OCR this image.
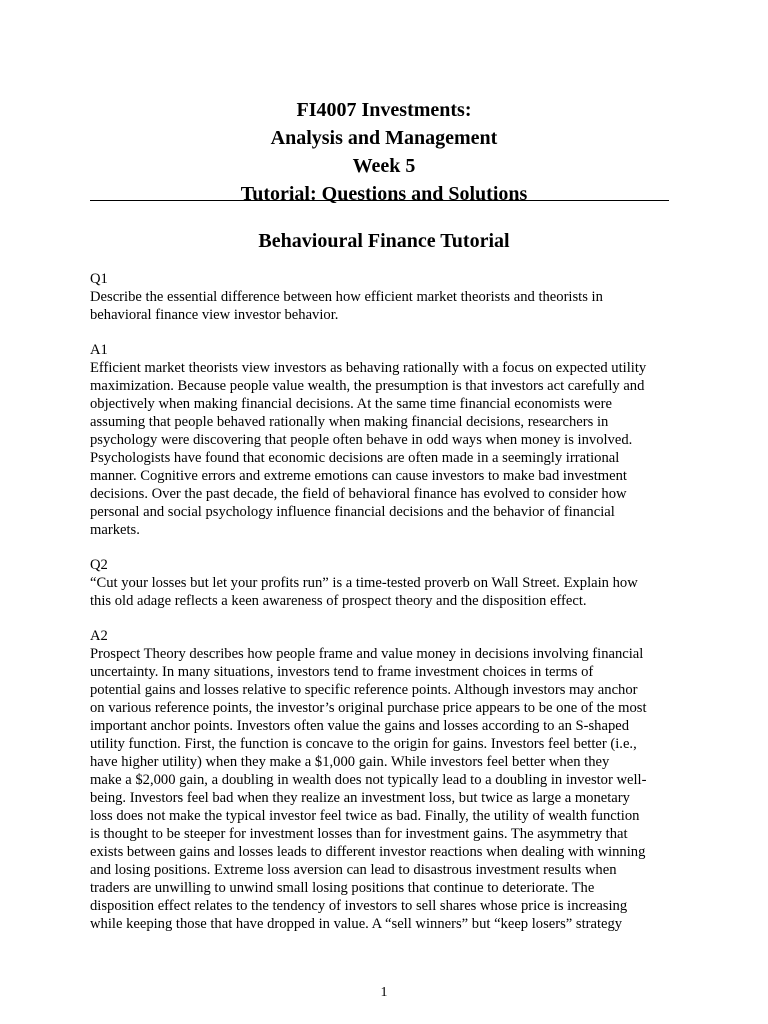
FI4007 Investments:
Analysis and Management
Week 5
Tutorial: Questions and Solutions
Behavioural Finance Tutorial
Q1
Describe the essential difference between how efficient market theorists and theorists in
behavioral finance view investor behavior.
A1
Efficient market theorists view investors as behaving rationally with a focus on expected utility
maximization. Because people value wealth, the presumption is that investors act carefully and
objectively when making financial decisions. At the same time financial economists were
assuming that people behaved rationally when making financial decisions, researchers in
psychology were discovering that people often behave in odd ways when money is involved.
Psychologists have found that economic decisions are often made in a seemingly irrational
manner. Cognitive errors and extreme emotions can cause investors to make bad investment
decisions. Over the past decade, the field of behavioral finance has evolved to consider how
personal and social psychology influence financial decisions and the behavior of financial
markets.
Q2
“Cut your losses but let your profits run” is a time-tested proverb on Wall Street. Explain how
this old adage reflects a keen awareness of prospect theory and the disposition effect.
A2
Prospect Theory describes how people frame and value money in decisions involving financial
uncertainty. In many situations, investors tend to frame investment choices in terms of
potential gains and losses relative to specific reference points. Although investors may anchor
on various reference points, the investor’s original purchase price appears to be one of the most
important anchor points. Investors often value the gains and losses according to an S-shaped
utility function. First, the function is concave to the origin for gains. Investors feel better (i.e.,
have higher utility) when they make a $1,000 gain. While investors feel better when they
make a $2,000 gain, a doubling in wealth does not typically lead to a doubling in investor well-
being. Investors feel bad when they realize an investment loss, but twice as large a monetary
loss does not make the typical investor feel twice as bad. Finally, the utility of wealth function
is thought to be steeper for investment losses than for investment gains. The asymmetry that
exists between gains and losses leads to different investor reactions when dealing with winning
and losing positions. Extreme loss aversion can lead to disastrous investment results when
traders are unwilling to unwind small losing positions that continue to deteriorate. The
disposition effect relates to the tendency of investors to sell shares whose price is increasing
while keeping those that have dropped in value. A “sell winners” but “keep losers” strategy
1
